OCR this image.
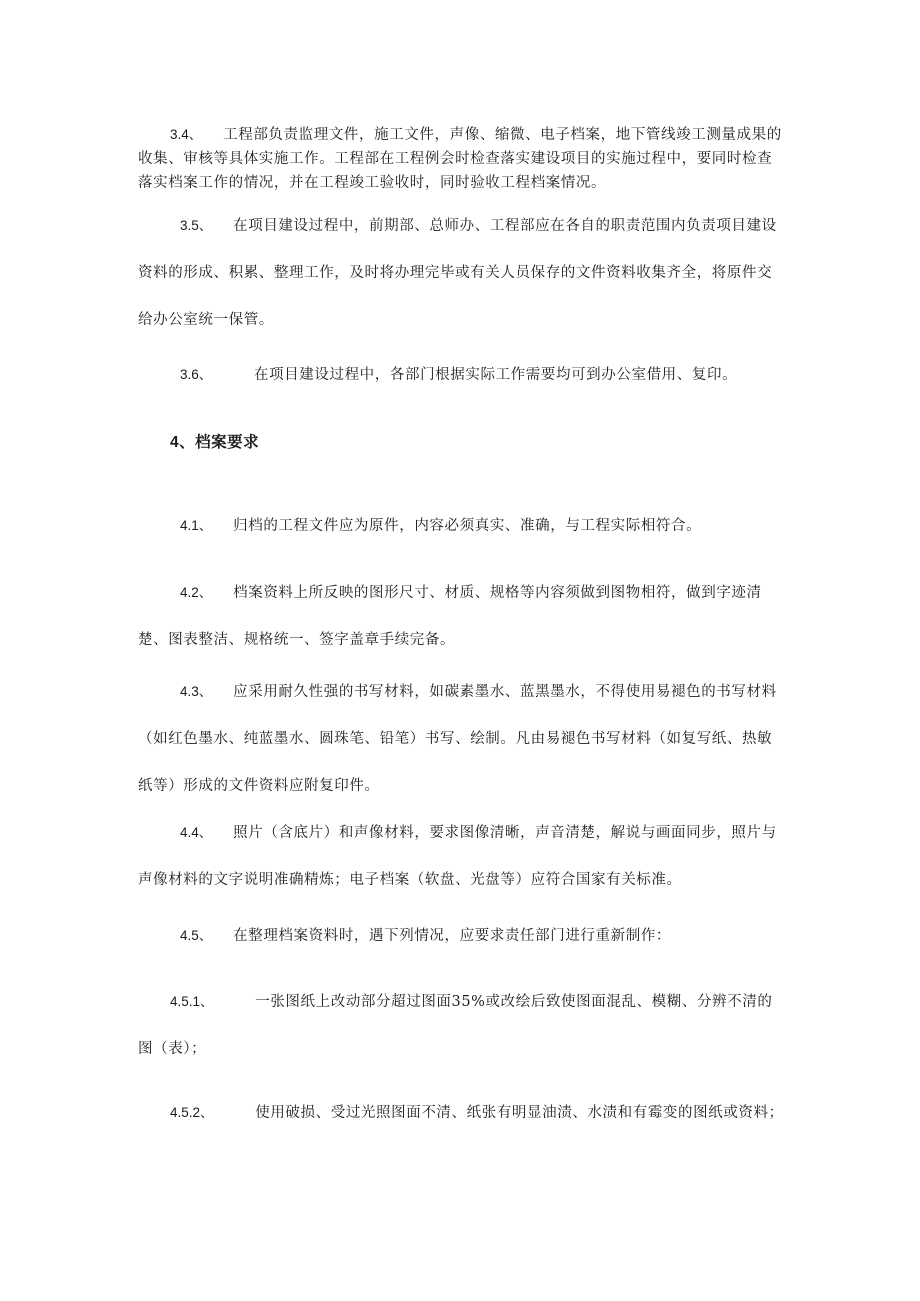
3.4、 工程部负责监理文件，施工文件，声像、缩微、电子档案，地下管线竣工测量成果的收集、审核等具体实施工作。工程部在工程例会时检查落实建设项目的实施过程中，要同时检查落实档案工作的情况，并在工程竣工验收时，同时验收工程档案情况。

3.5、 在项目建设过程中，前期部、总师办、工程部应在各自的职责范围内负责项目建设资料的形成、积累、整理工作，及时将办理完毕或有关人员保存的文件资料收集齐全，将原件交给办公室统一保管。

3.6、	在项目建设过程中，各部门根据实际工作需要均可到办公室借用、复印。

4、档案要求

4.1、 归档的工程文件应为原件，内容必须真实、准确，与工程实际相符合。

4.2、 档案资料上所反映的图形尺寸、材质、规格等内容须做到图物相符，做到字迹清楚、图表整洁、规格统一、签字盖章手续完备。

4.3、 应采用耐久性强的书写材料，如碳素墨水、蓝黑墨水，不得使用易褪色的书写材料（如红色墨水、纯蓝墨水、圆珠笔、铅笔）书写、绘制。凡由易褪色书写材料（如复写纸、热敏纸等）形成的文件资料应附复印件。

4.4、 照片（含底片）和声像材料，要求图像清晰，声音清楚，解说与画面同步，照片与声像材料的文字说明准确精炼；电子档案（软盘、光盘等）应符合国家有关标准。

4.5、 在整理档案资料时，遇下列情况，应要求责任部门进行重新制作：

4.5.1、	一张图纸上改动部分超过图面35%或改绘后致使图面混乱、模糊、分辨不清的图（表）；

4.5.2、	使用破损、受过光照图面不清、纸张有明显油渍、水渍和有霉变的图纸或资料；
